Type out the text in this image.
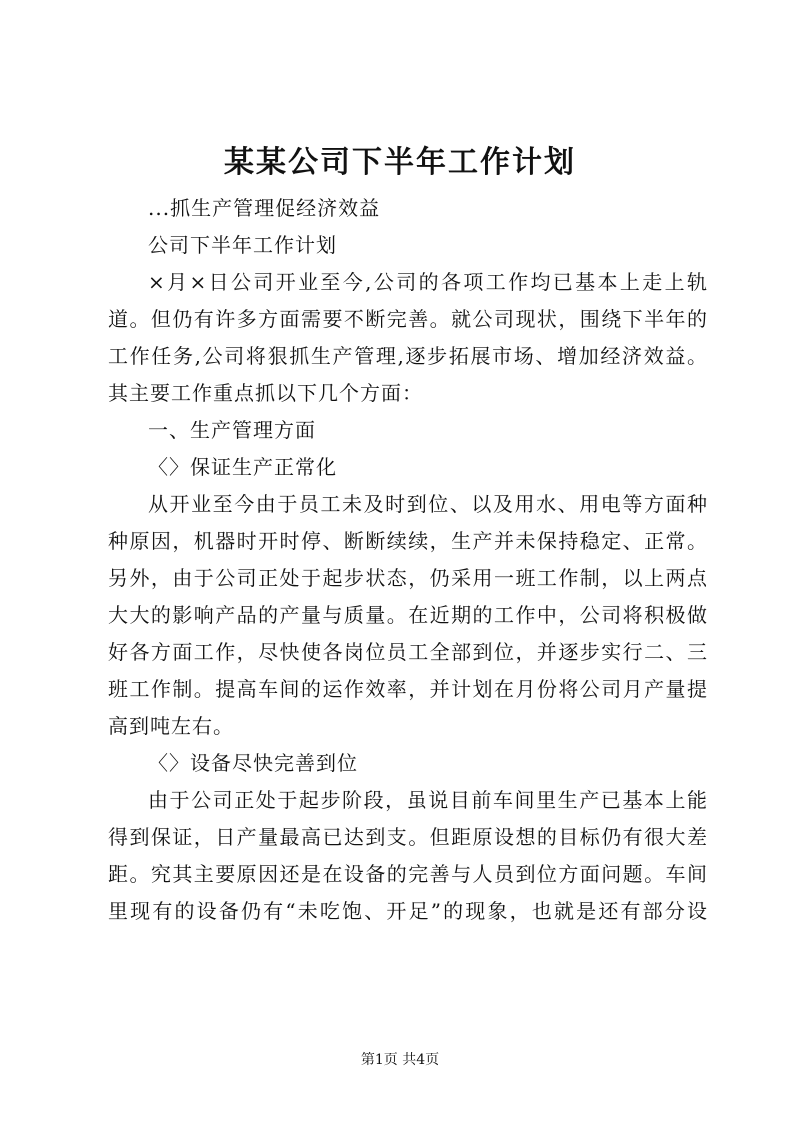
某某公司下半年工作计划
...抓生产管理促经济效益
公司下半年工作计划
×月×日公司开业至今,公司的各项工作均已基本上走上轨
道。但仍有许多方面需要不断完善。就公司现状，围绕下半年的
工作任务,公司将狠抓生产管理,逐步拓展市场、增加经济效益。
其主要工作重点抓以下几个方面：
一、生产管理方面
〈〉保证生产正常化
从开业至今由于员工未及时到位、以及用水、用电等方面种
种原因，机器时开时停、断断续续，生产并未保持稳定、正常。
另外，由于公司正处于起步状态，仍采用一班工作制，以上两点
大大的影响产品的产量与质量。在近期的工作中，公司将积极做
好各方面工作，尽快使各岗位员工全部到位，并逐步实行二、三
班工作制。提高车间的运作效率，并计划在月份将公司月产量提
高到吨左右。
〈〉设备尽快完善到位
由于公司正处于起步阶段，虽说目前车间里生产已基本上能
得到保证，日产量最高已达到支。但距原设想的目标仍有很大差
距。究其主要原因还是在设备的完善与人员到位方面问题。车间
里现有的设备仍有“未吃饱、开足”的现象，也就是还有部分设
第1页 共4页
